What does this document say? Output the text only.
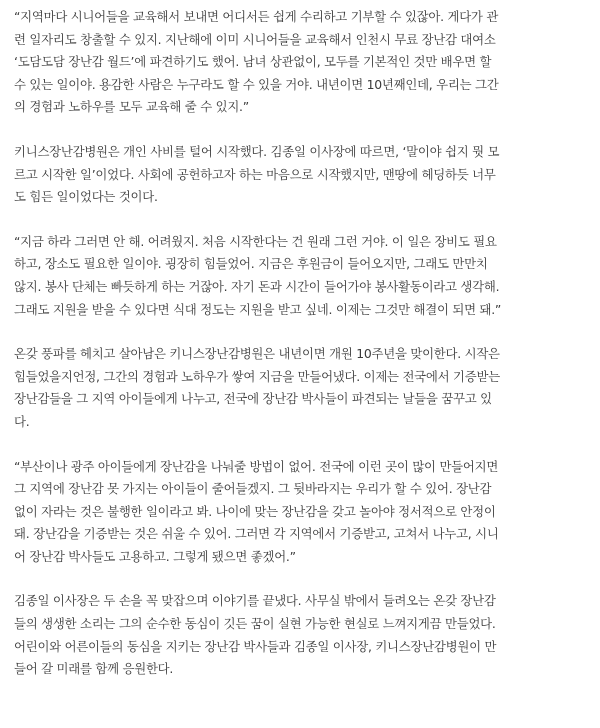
“지역마다 시니어들을 교육해서 보내면 어디서든 쉽게 수리하고 기부할 수 있잖아. 게다가 관
련 일자리도 창출할 수 있지. 지난해에 이미 시니어들을 교육해서 인천시 무료 장난감 대여소
‘도담도담 장난감 월드’에 파견하기도 했어. 남녀 상관없이, 모두를 기본적인 것만 배우면 할
수 있는 일이야. 용감한 사람은 누구라도 할 수 있을 거야. 내년이면 10년째인데, 우리는 그간
의 경험과 노하우를 모두 교육해 줄 수 있지.”
키니스장난감병원은 개인 사비를 털어 시작했다. 김종일 이사장에 따르면, ‘말이야 쉽지 뭣 모
르고 시작한 일’이었다. 사회에 공헌하고자 하는 마음으로 시작했지만, 맨땅에 헤딩하듯 너무
도 힘든 일이었다는 것이다.
“지금 하라 그러면 안 해. 어려웠지. 처음 시작한다는 건 원래 그런 거야. 이 일은 장비도 필요
하고, 장소도 필요한 일이야. 굉장히 힘들었어. 지금은 후원금이 들어오지만, 그래도 만만치
않지. 봉사 단체는 빠듯하게 하는 거잖아. 자기 돈과 시간이 들어가야 봉사활동이라고 생각해.
그래도 지원을 받을 수 있다면 식대 정도는 지원을 받고 싶네. 이제는 그것만 해결이 되면 돼.”
온갖 풍파를 헤치고 살아남은 키니스장난감병원은 내년이면 개원 10주년을 맞이한다. 시작은
힘들었을지언정, 그간의 경험과 노하우가 쌓여 지금을 만들어냈다. 이제는 전국에서 기증받는
장난감들을 그 지역 아이들에게 나누고, 전국에 장난감 박사들이 파견되는 날들을 꿈꾸고 있
다.
“부산이나 광주 아이들에게 장난감을 나눠줄 방법이 없어. 전국에 이런 곳이 많이 만들어지면
그 지역에 장난감 못 가지는 아이들이 줄어들겠지. 그 뒷바라지는 우리가 할 수 있어. 장난감
없이 자라는 것은 불행한 일이라고 봐. 나이에 맞는 장난감을 갖고 놀아야 정서적으로 안정이
돼. 장난감을 기증받는 것은 쉬울 수 있어. 그러면 각 지역에서 기증받고, 고쳐서 나누고, 시니
어 장난감 박사들도 고용하고. 그렇게 됐으면 좋겠어.”
김종일 이사장은 두 손을 꼭 맞잡으며 이야기를 끝냈다. 사무실 밖에서 들려오는 온갖 장난감
들의 생생한 소리는 그의 순수한 동심이 깃든 꿈이 실현 가능한 현실로 느껴지게끔 만들었다.
어린이와 어른이들의 동심을 지키는 장난감 박사들과 김종일 이사장, 키니스장난감병원이 만
들어 갈 미래를 함께 응원한다.
